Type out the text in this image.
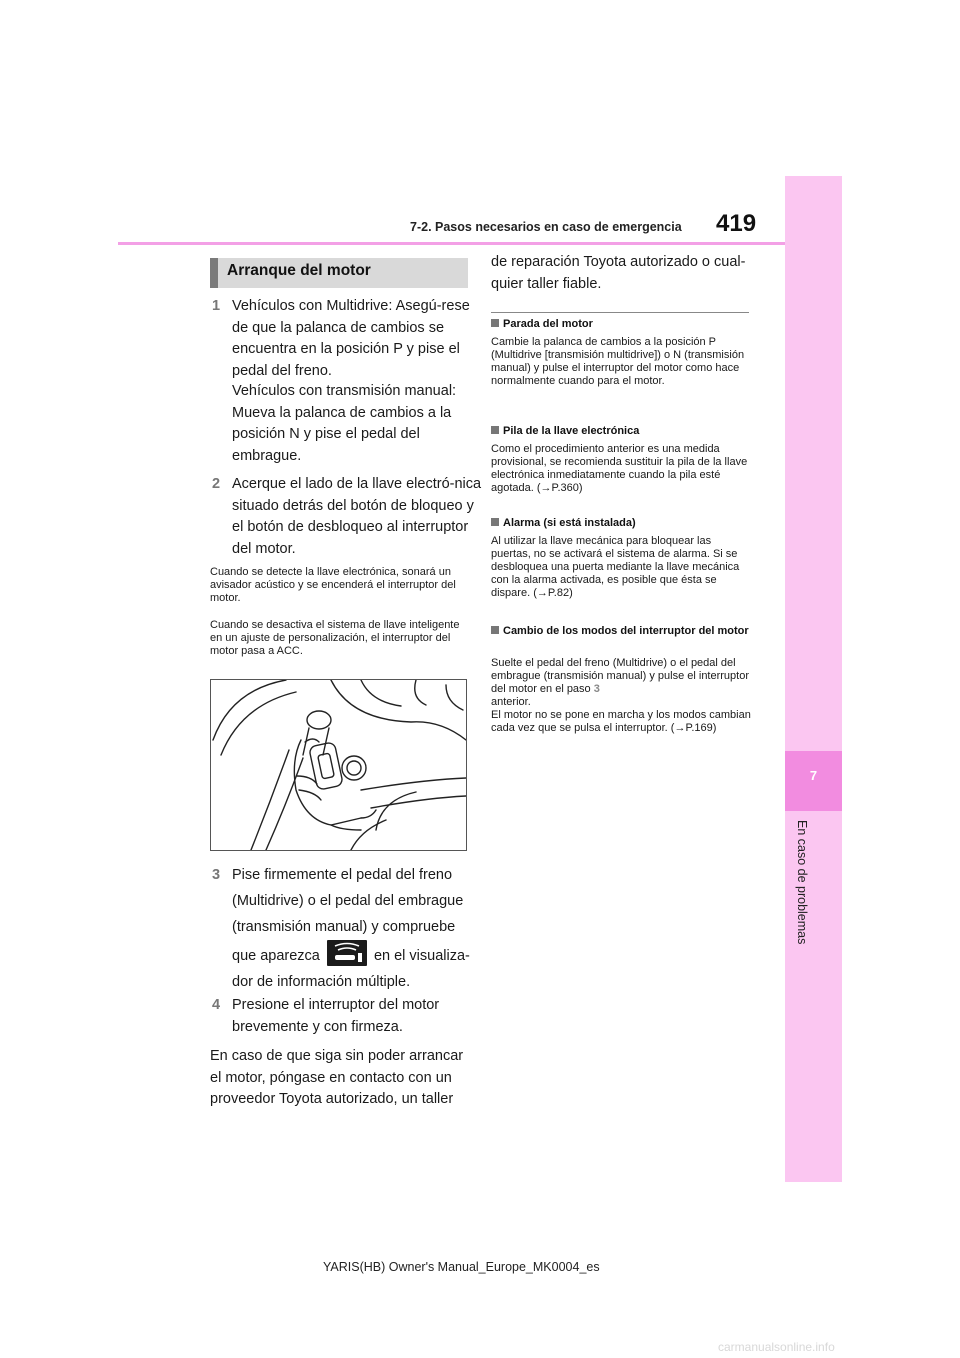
7-2. Pasos necesarios en caso de emergencia 419
7
En caso de problemas
Arranque del motor
1 Vehículos con Multidrive: Asegú-rese de que la palanca de cambios se encuentra en la posición P y pise el pedal del freno.
Vehículos con transmisión manual: Mueva la palanca de cambios a la posición N y pise el pedal del embrague.
2 Acerque el lado de la llave electró-nica situado detrás del botón de bloqueo y el botón de desbloqueo al interruptor del motor.
Cuando se detecte la llave electrónica, sonará un avisador acústico y se encenderá el interruptor del motor.
Cuando se desactiva el sistema de llave inteligente en un ajuste de personalización, el interruptor del motor pasa a ACC.
3 Pise firmemente el pedal del freno (Multidrive) o el pedal del embrague (transmisión manual) y compruebe que aparezca	en el visualiza-dor de información múltiple.
4 Presione el interruptor del motor brevemente y con firmeza.
En caso de que siga sin poder arrancar el motor, póngase en contacto con un proveedor Toyota autorizado, un taller
de reparación Toyota autorizado o cual-quier taller fiable.
Parada del motor
Cambie la palanca de cambios a la posición P (Multidrive [transmisión multidrive]) o N (transmisión manual) y pulse el interruptor del motor como hace normalmente cuando para el motor.
Pila de la llave electrónica
Como el procedimiento anterior es una medida provisional, se recomienda sustituir la pila de la llave electrónica inmediatamente cuando la pila esté agotada. (→P.360)
Alarma (si está instalada)
Al utilizar la llave mecánica para bloquear las puertas, no se activará el sistema de alarma. Si se desbloquea una puerta mediante la llave mecánica con la alarma activada, es posible que ésta se dispare. (→P.82)
Cambio de los modos del interruptor del motor
Suelte el pedal del freno (Multidrive) o el pedal del embrague (transmisión manual) y pulse el interruptor del motor en el paso 3
anterior.
El motor no se pone en marcha y los modos cambian cada vez que se pulsa el interruptor. (→P.169)
YARIS(HB) Owner's Manual_Europe_MK0004_es
carmanualsonline.info
